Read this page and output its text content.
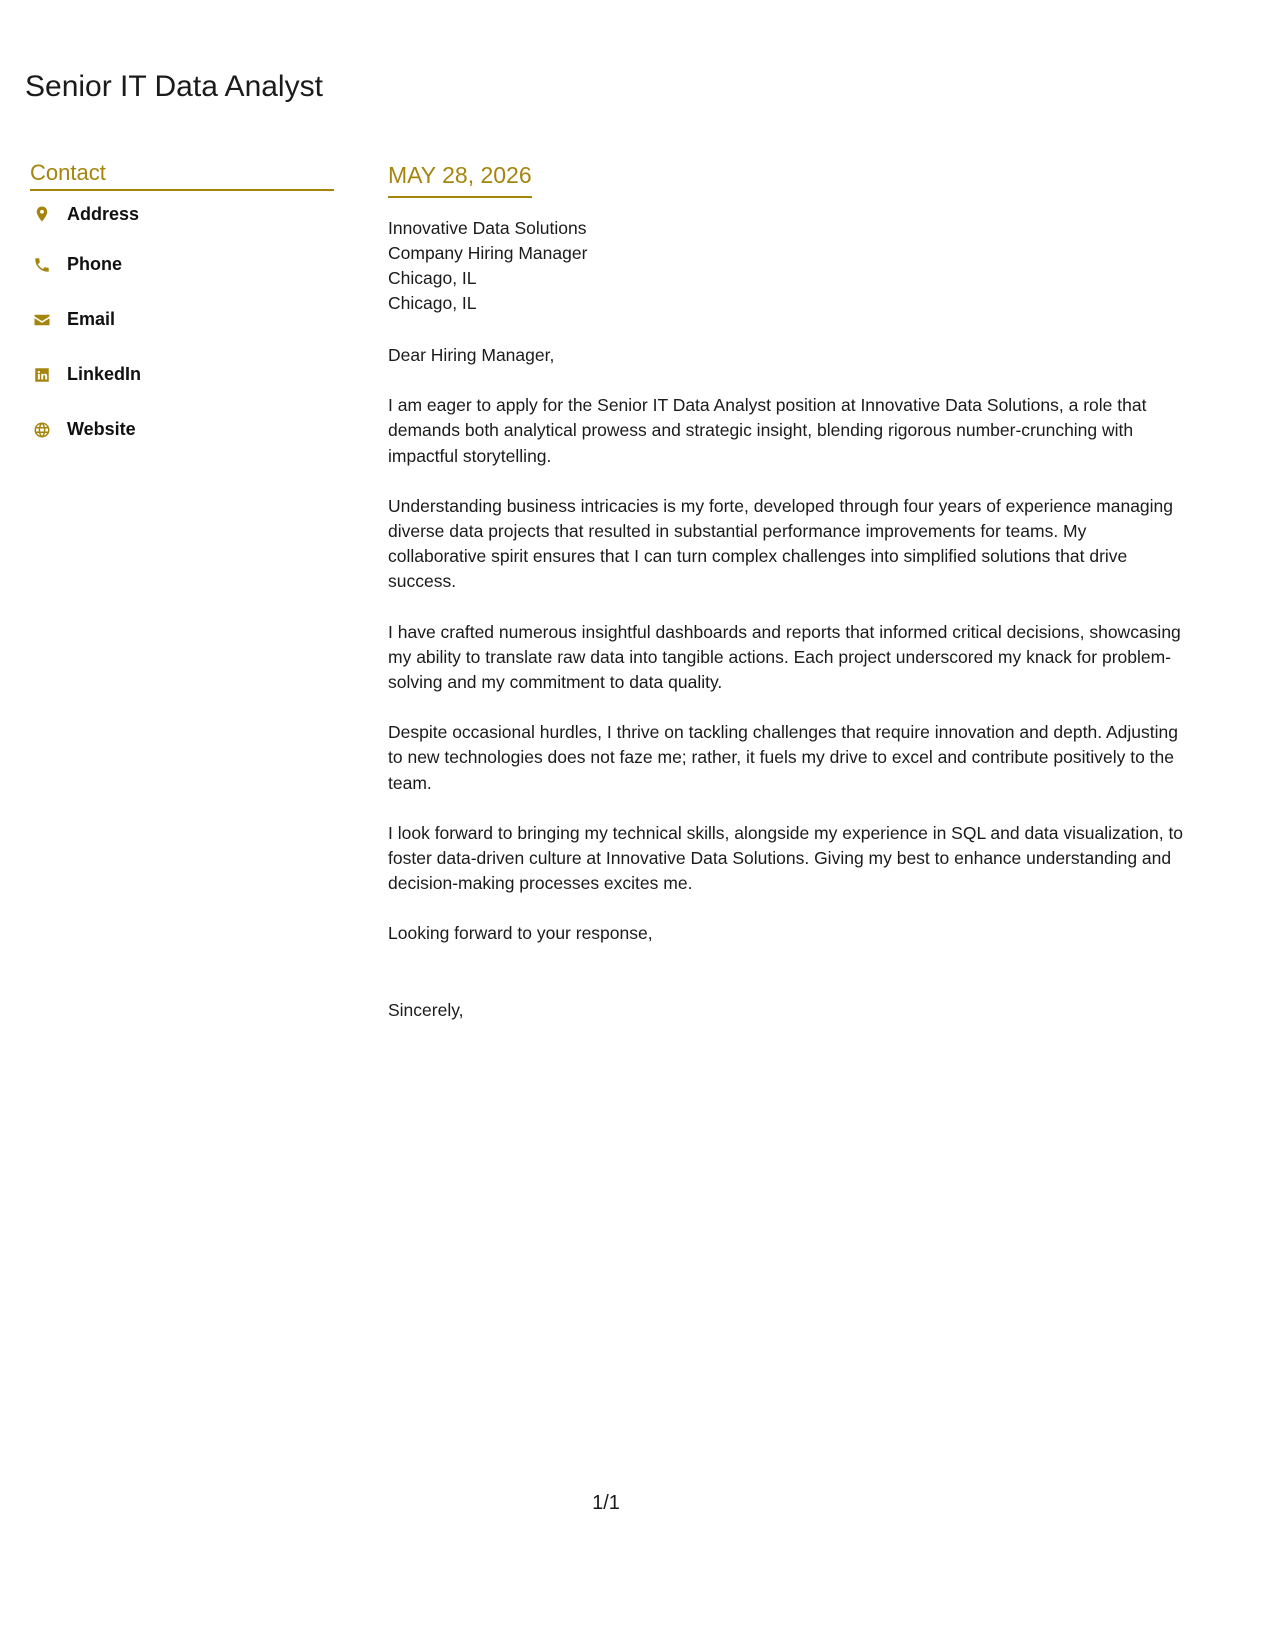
Senior IT Data Analyst
Contact
Address
Phone
Email
LinkedIn
Website
MAY 28, 2026
Innovative Data Solutions
Company Hiring Manager
Chicago, IL
Chicago, IL

Dear Hiring Manager,

I am eager to apply for the Senior IT Data Analyst position at Innovative Data Solutions, a role that demands both analytical prowess and strategic insight, blending rigorous number-crunching with impactful storytelling.

Understanding business intricacies is my forte, developed through four years of experience managing diverse data projects that resulted in substantial performance improvements for teams. My collaborative spirit ensures that I can turn complex challenges into simplified solutions that drive success.

I have crafted numerous insightful dashboards and reports that informed critical decisions, showcasing my ability to translate raw data into tangible actions. Each project underscored my knack for problem-solving and my commitment to data quality.

Despite occasional hurdles, I thrive on tackling challenges that require innovation and depth. Adjusting to new technologies does not faze me; rather, it fuels my drive to excel and contribute positively to the team.

I look forward to bringing my technical skills, alongside my experience in SQL and data visualization, to foster data-driven culture at Innovative Data Solutions. Giving my best to enhance understanding and decision-making processes excites me.

Looking forward to your response,

Sincerely,

1/1
